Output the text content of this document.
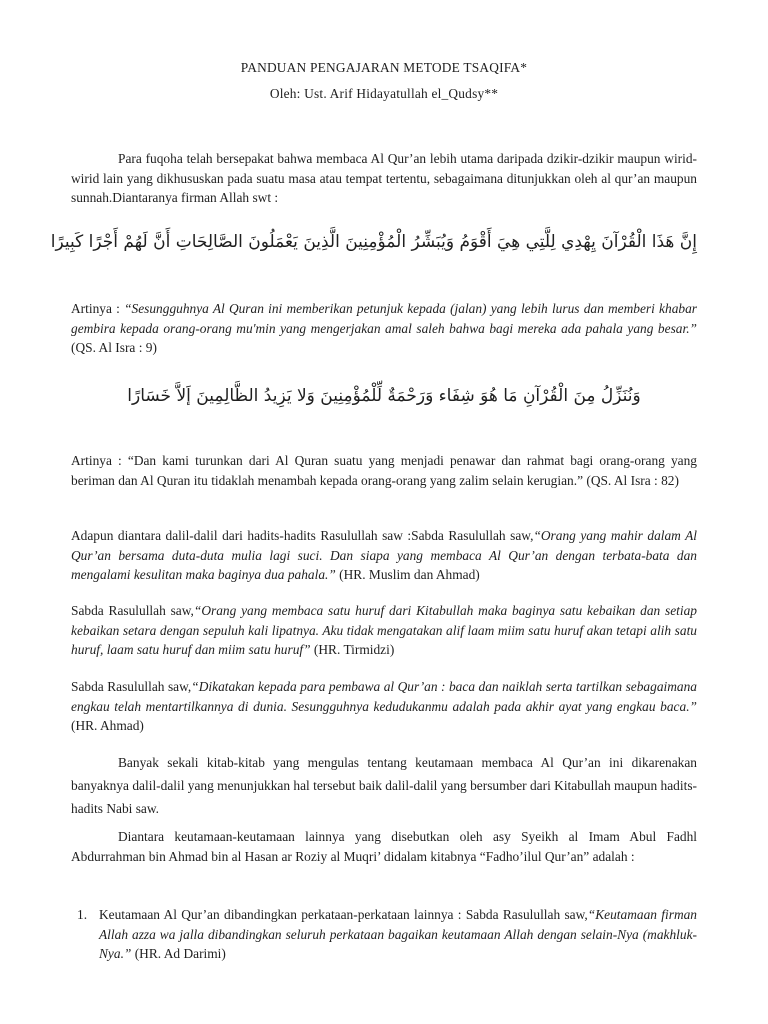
PANDUAN PENGAJARAN METODE TSAQIFA*
Oleh: Ust. Arif Hidayatullah el_Qudsy**

Para fuqoha telah bersepakat bahwa membaca Al Qur’an lebih utama daripada dzikir-dzikir maupun wirid-wirid lain yang dikhususkan pada suatu masa atau tempat tertentu, sebagaimana ditunjukkan oleh al qur’an maupun sunnah.Diantaranya firman Allah swt :

إِنَّ هَذَا الْقُرْآنَ يِهْدِي لِلَّتِي هِيَ أَقْوَمُ وَيُبَشِّرُ الْمُؤْمِنِينَ الَّذِينَ يَعْمَلُونَ الصَّالِحَاتِ أَنَّ لَهُمْ أَجْرًا كَبِيرًا

Artinya : “Sesungguhnya Al Quran ini memberikan petunjuk kepada (jalan) yang lebih lurus dan memberi khabar gembira kepada orang-orang mu'min yang mengerjakan amal saleh bahwa bagi mereka ada pahala yang besar.” (QS. Al Isra : 9)

وَنُنَزِّلُ مِنَ الْقُرْآنِ مَا هُوَ شِفَاء وَرَحْمَةٌ لِّلْمُؤْمِنِينَ وَلا يَزِيدُ الظَّالِمِينَ إَلاَّ خَسَارًا

Artinya : “Dan kami turunkan dari Al Quran suatu yang menjadi penawar dan rahmat bagi orang-orang yang beriman dan Al Quran itu tidaklah menambah kepada orang-orang yang zalim selain kerugian.” (QS. Al Isra : 82)

Adapun diantara dalil-dalil dari hadits-hadits Rasulullah saw :Sabda Rasulullah saw,“Orang yang mahir dalam Al Qur’an bersama duta-duta mulia lagi suci. Dan siapa yang membaca Al Qur’an dengan terbata-bata dan mengalami kesulitan maka baginya dua pahala.” (HR. Muslim dan Ahmad)

Sabda Rasulullah saw,“Orang yang membaca satu huruf dari Kitabullah maka baginya satu kebaikan dan setiap kebaikan setara dengan sepuluh kali lipatnya. Aku tidak mengatakan alif laam miim satu huruf akan tetapi alih satu huruf, laam satu huruf dan miim satu huruf” (HR. Tirmidzi)

Sabda Rasulullah saw,“Dikatakan kepada para pembawa al Qur’an : baca dan naiklah serta tartilkan sebagaimana engkau telah mentartilkannya di dunia. Sesungguhnya kedudukanmu adalah pada akhir ayat yang engkau baca.” (HR. Ahmad)

Banyak sekali kitab-kitab yang mengulas tentang keutamaan membaca Al Qur’an ini dikarenakan banyaknya dalil-dalil yang menunjukkan hal tersebut baik dalil-dalil yang bersumber dari Kitabullah maupun hadits-hadits Nabi saw.

Diantara keutamaan-keutamaan lainnya yang disebutkan oleh asy Syeikh al Imam Abul Fadhl Abdurrahman bin Ahmad bin al Hasan ar Roziy al Muqri’ didalam kitabnya “Fadho’ilul Qur’an” adalah :

1. Keutamaan Al Qur’an dibandingkan perkataan-perkataan lainnya : Sabda Rasulullah saw,“Keutamaan firman Allah azza wa jalla dibandingkan seluruh perkataan bagaikan keutamaan Allah dengan selain-Nya (makhluk-Nya.” (HR. Ad Darimi)
